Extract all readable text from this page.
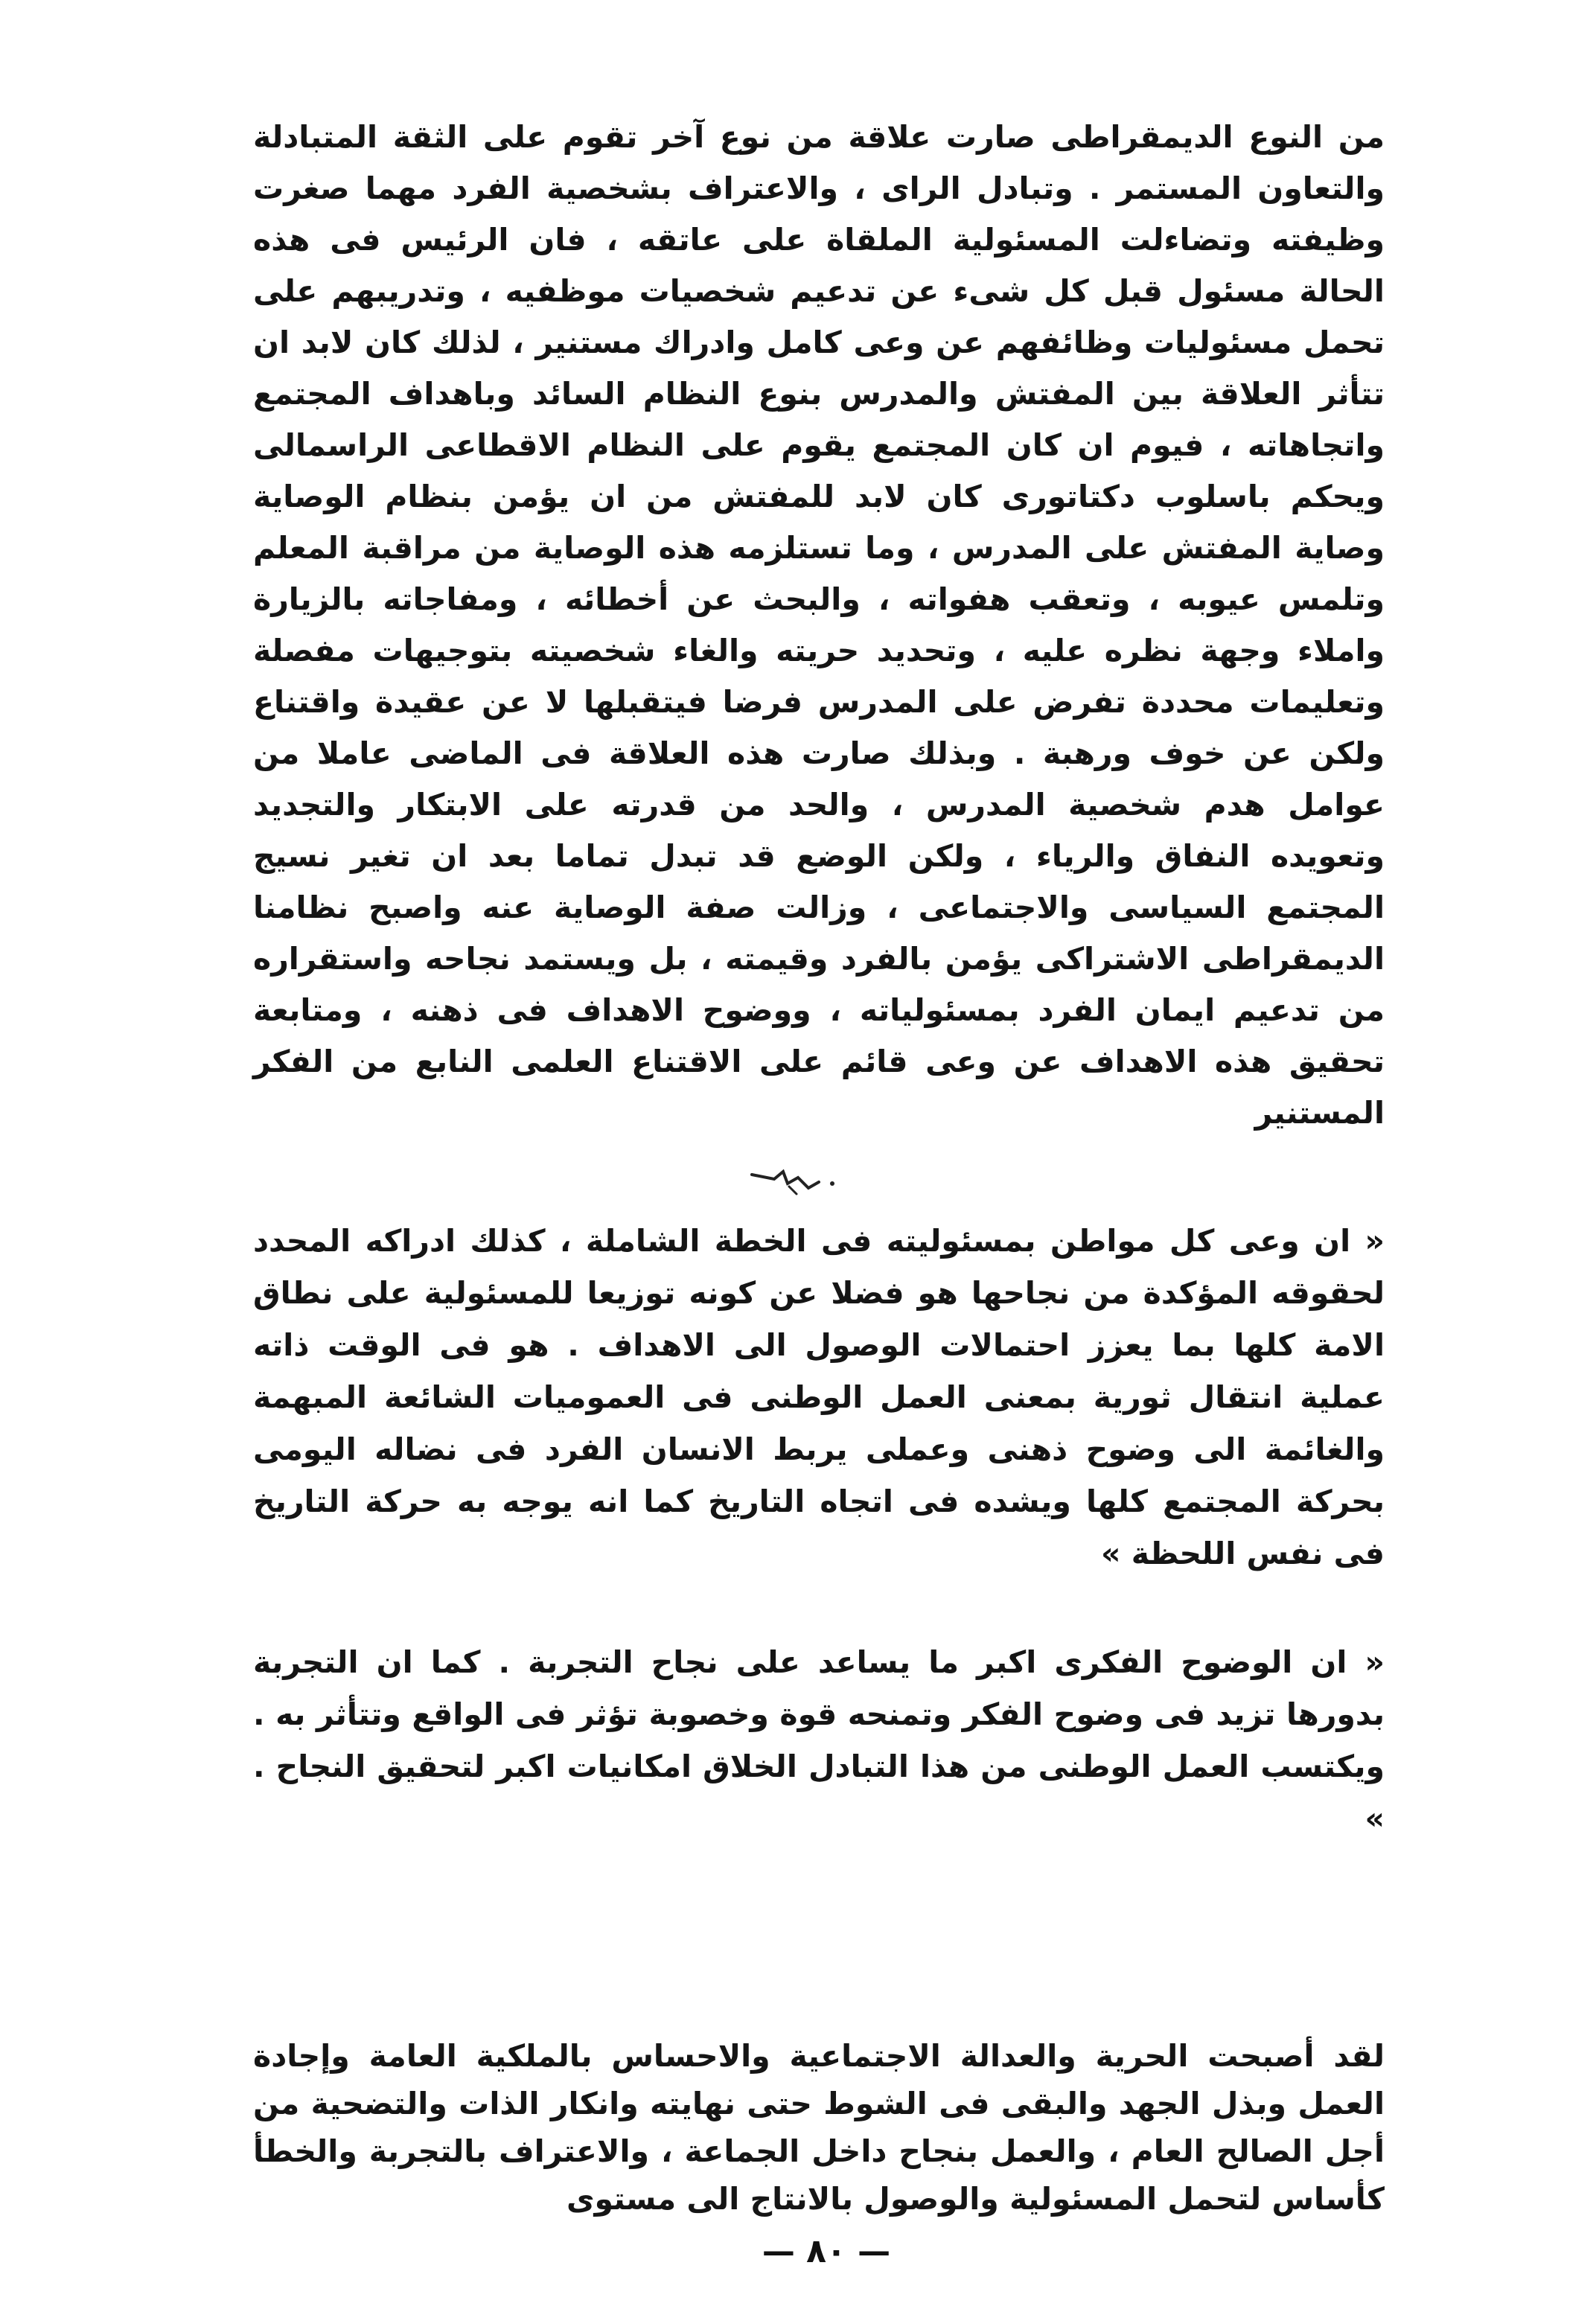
من النوع الديمقراطى صارت علاقة من نوع آخر تقوم على الثقة المتبادلة والتعاون المستمر . وتبادل الراى ، والاعتراف بشخصية الفرد مهما صغرت وظيفته وتضاءلت المسئولية الملقاة على عاتقه ، فان الرئيس فى هذه الحالة مسئول قبل كل شىء عن تدعيم شخصيات موظفيه ، وتدريبهم على تحمل مسئوليات وظائفهم عن وعى كامل وادراك مستنير ، لذلك كان لابد ان تتأثر العلاقة بين المفتش والمدرس بنوع النظام السائد وباهداف المجتمع واتجاهاته ، فيوم ان كان المجتمع يقوم على النظام الاقطاعى الراسمالى ويحكم باسلوب دكتاتورى كان لابد للمفتش من ان يؤمن بنظام الوصاية وصاية المفتش على المدرس ، وما تستلزمه هذه الوصاية من مراقبة المعلم وتلمس عيوبه ، وتعقب هفواته ، والبحث عن أخطائه ، ومفاجاته بالزيارة واملاء وجهة نظره عليه ، وتحديد حريته والغاء شخصيته بتوجيهات مفصلة وتعليمات محددة تفرض على المدرس فرضا فيتقبلها لا عن عقيدة واقتناع ولكن عن خوف ورهبة . وبذلك صارت هذه العلاقة فى الماضى عاملا من عوامل هدم شخصية المدرس ، والحد من قدرته على الابتكار والتجديد وتعويده النفاق والرياء ، ولكن الوضع قد تبدل تماما بعد ان تغير نسيج المجتمع السياسى والاجتماعى ، وزالت صفة الوصاية عنه واصبح نظامنا الديمقراطى الاشتراكى يؤمن بالفرد وقيمته ، بل ويستمد نجاحه واستقراره من تدعيم ايمان الفرد بمسئولياته ، ووضوح الاهداف فى ذهنه ، ومتابعة تحقيق هذه الاهداف عن وعى قائم على الاقتناع العلمى النابع من الفكر المستنير

« ان وعى كل مواطن بمسئوليته فى الخطة الشاملة ، كذلك ادراكه المحدد لحقوقه المؤكدة من نجاحها هو فضلا عن كونه توزيعا للمسئولية على نطاق الامة كلها بما يعزز احتمالات الوصول الى الاهداف . هو فى الوقت ذاته عملية انتقال ثورية بمعنى العمل الوطنى فى العموميات الشائعة المبهمة والغائمة الى وضوح ذهنى وعملى يربط الانسان الفرد فى نضاله اليومى بحركة المجتمع كلها ويشده فى اتجاه التاريخ كما انه يوجه به حركة التاريخ فى نفس اللحظة »

« ان الوضوح الفكرى اكبر ما يساعد على نجاح التجربة . كما ان التجربة بدورها تزيد فى وضوح الفكر وتمنحه قوة وخصوبة تؤثر فى الواقع وتتأثر به . ويكتسب العمل الوطنى من هذا التبادل الخلاق امكانيات اكبر لتحقيق النجاح . »

لقد أصبحت الحرية والعدالة الاجتماعية والاحساس بالملكية العامة وإجادة العمل وبذل الجهد والبقى فى الشوط حتى نهايته وانكار الذات والتضحية من أجل الصالح العام ، والعمل بنجاح داخل الجماعة ، والاعتراف بالتجربة والخطأ كأساس لتحمل المسئولية والوصول بالانتاج الى مستوى

— ٨٠ —
